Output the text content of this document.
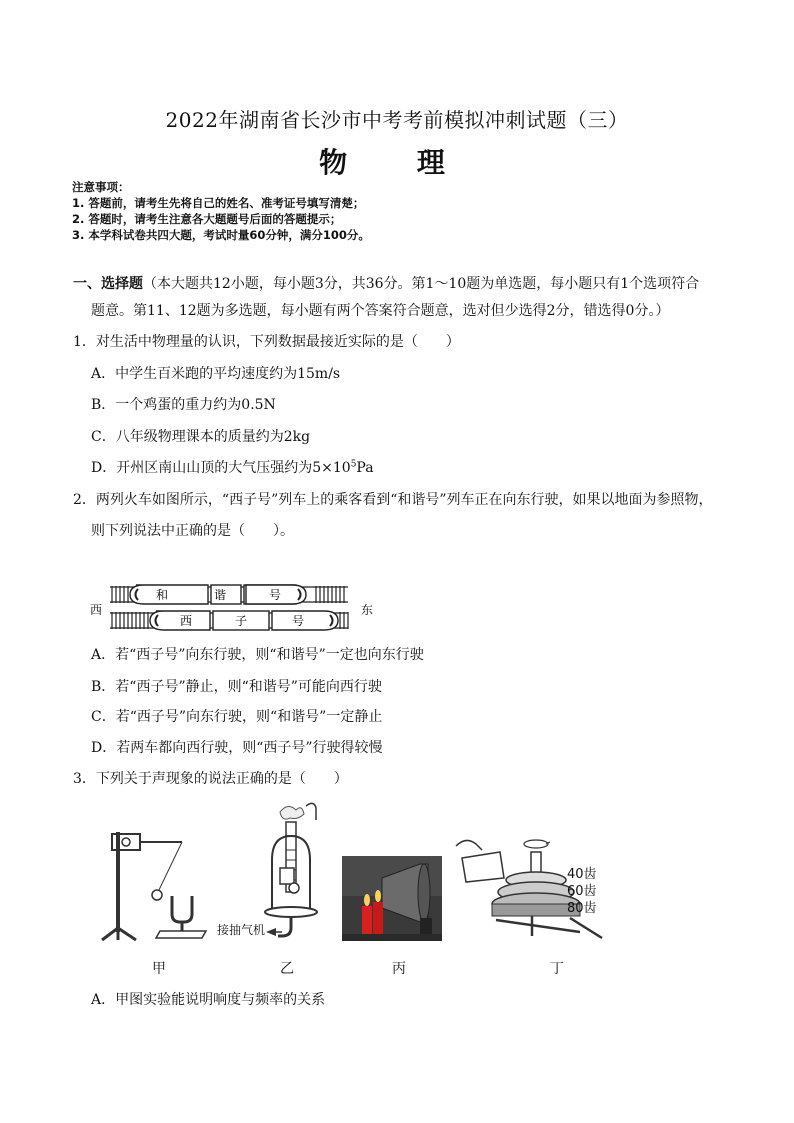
2022年湖南省长沙市中考考前模拟冲刺试题（三）
物 理
注意事项：
1. 答题前，请考生先将自己的姓名、准考证号填写清楚；
2. 答题时，请考生注意各大题题号后面的答题提示；
3. 本学科试卷共四大题，考试时量60分钟，满分100分。
一、选择题（本大题共12小题，每小题3分，共36分。第1～10题为单选题，每小题只有1个选项符合
题意。第11、12题为多选题，每小题有两个答案符合题意，选对但少选得2分，错选得0分。）
1．对生活中物理量的认识，下列数据最接近实际的是（　　）
A．中学生百米跑的平均速度约为15m/s
B．一个鸡蛋的重力约为0.5N
C．八年级物理课本的质量约为2kg
D．开州区南山山顶的大气压强约为$5\times 10^5Pa$
2．两列火车如图所示，“西子号”列车上的乘客看到“和谐号”列车正在向东行驶，如果以地面为参照物，
则下列说法中正确的是（　　）。
和	谐	号
西	子	号
西	东
A．若“西子号”向东行驶，则“和谐号”一定也向东行驶
B．若“西子号”静止，则“和谐号”可能向西行驶
C．若“西子号”向东行驶，则“和谐号”一定静止
D．若两车都向西行驶，则“西子号”行驶得较慢
3．下列关于声现象的说法正确的是（　　）
接抽气机
40齿
60齿
80齿
甲	乙	丙	丁
A．甲图实验能说明响度与频率的关系
